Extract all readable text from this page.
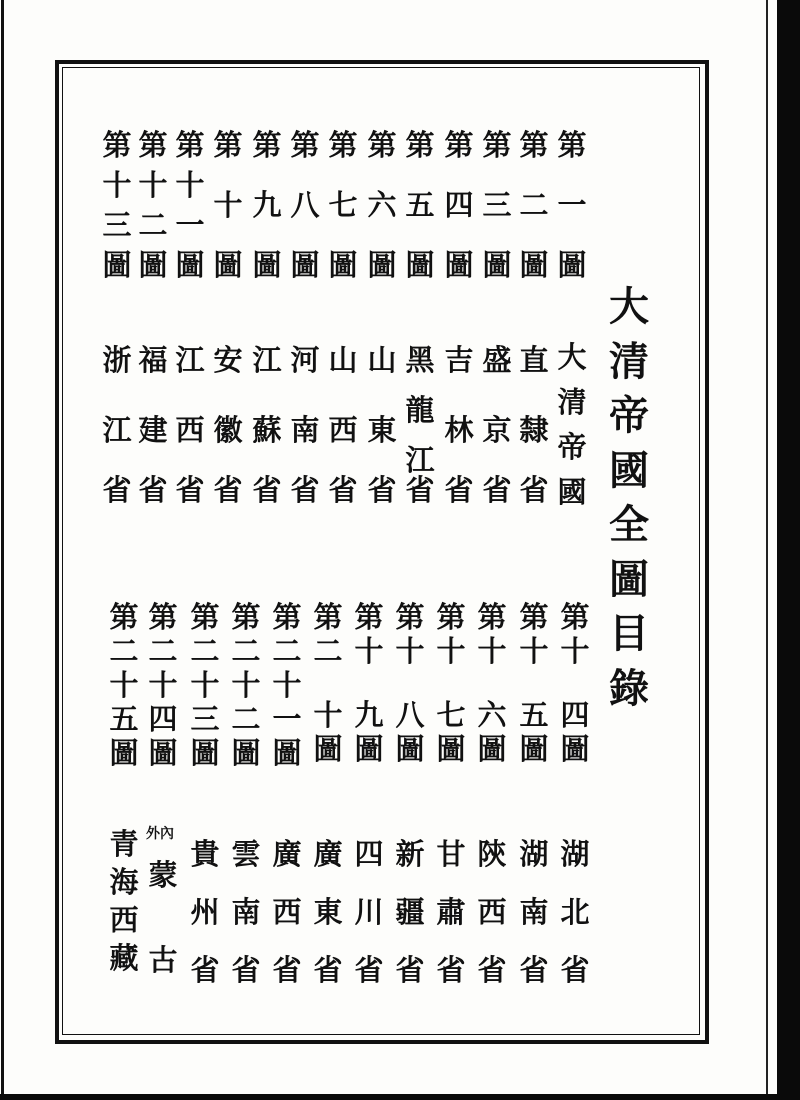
大
清
帝
國
全
圖
目
錄
第
一
圖
大
清
帝
國
第
二
圖
直
隸
省
第
三
圖
盛
京
省
第
四
圖
吉
林
省
第
五
圖
黑
龍
江
省
第
六
圖
山
東
省
第
七
圖
山
西
省
第
八
圖
河
南
省
第
九
圖
江
蘇
省
第
十
圖
安
徽
省
第
十
一
圖
江
西
省
第
十
二
圖
福
建
省
第
十
三
圖
浙
江
省
第
十
四
圖
湖
北
省
第
十
五
圖
湖
南
省
第
十
六
圖
陝
西
省
第
十
七
圖
甘
肅
省
第
十
八
圖
新
疆
省
第
十
九
圖
四
川
省
第
二
十
圖
廣
東
省
第
二
十
一
圖
廣
西
省
第
二
十
二
圖
雲
南
省
第
二
十
三
圖
貴
州
省
第
二
十
四
圖
蒙
古
外內
第
二
十
五
圖
青
海
西
藏
